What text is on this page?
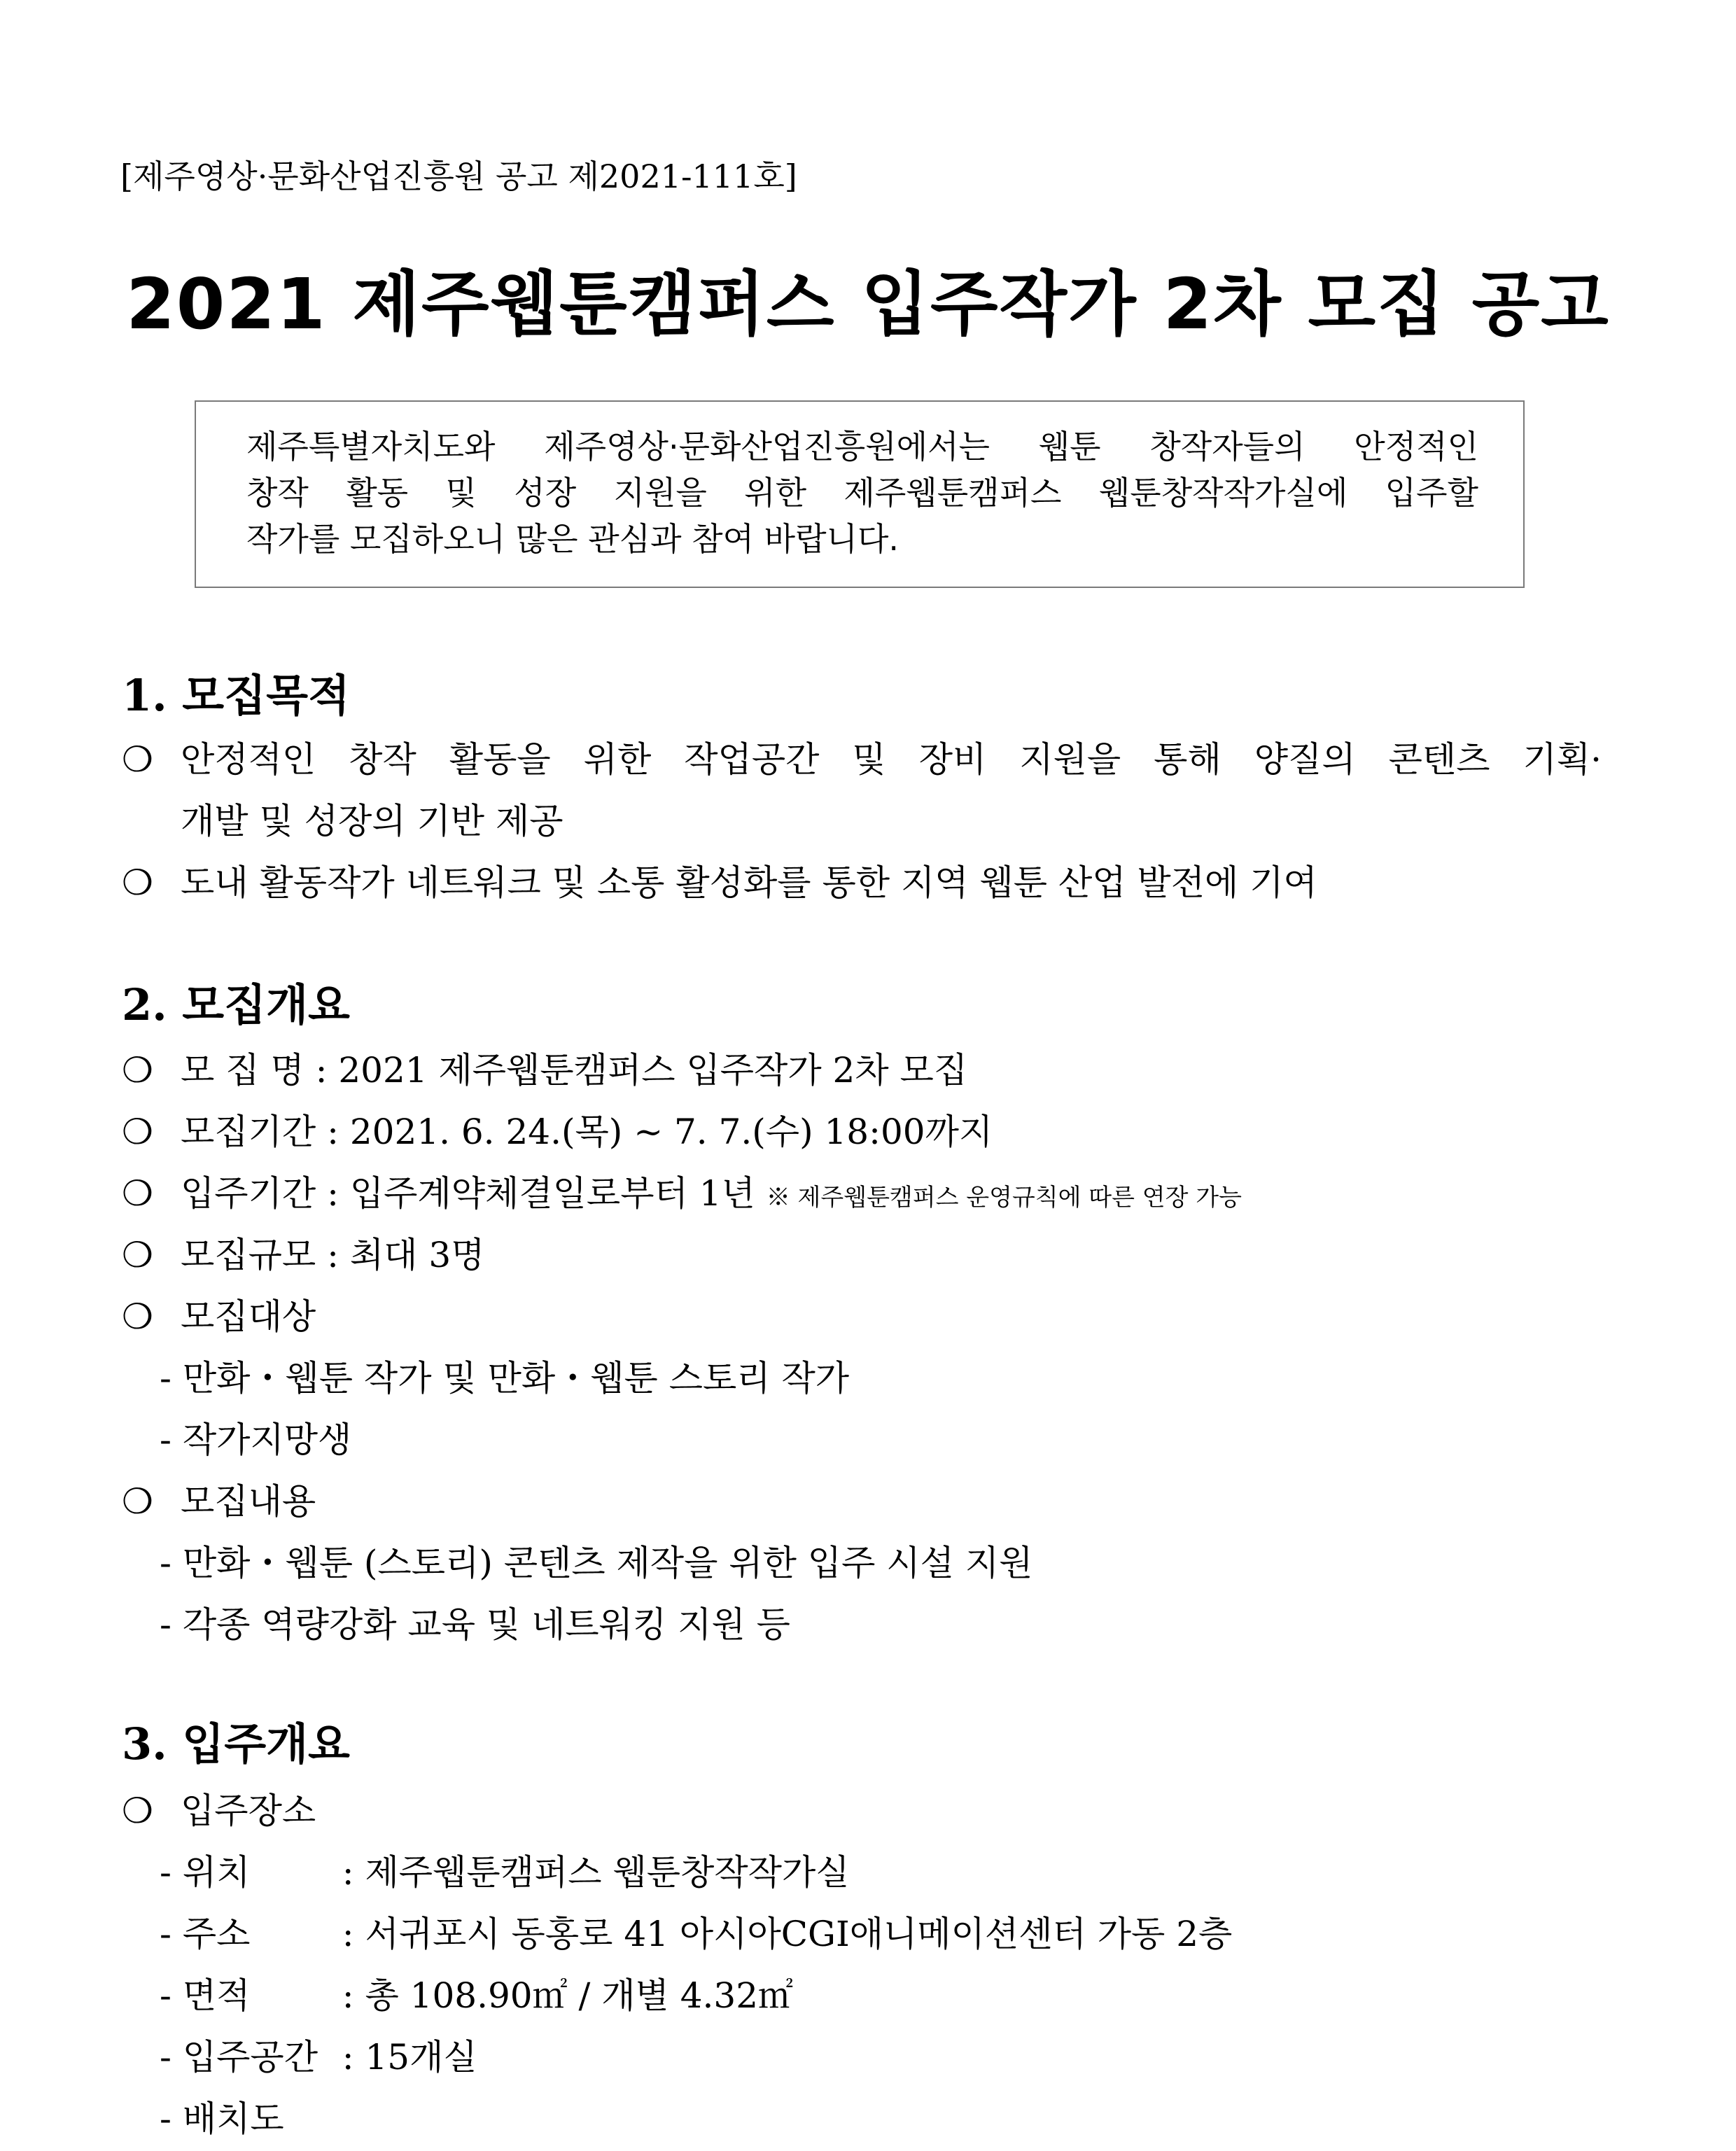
[제주영상·문화산업진흥원 공고 제2021-111호]
2021 제주웹툰캠퍼스 입주작가 2차 모집 공고
제주특별자치도와 제주영상·문화산업진흥원에서는 웹툰 창작자들의 안정적인
창작 활동 및 성장 지원을 위한 제주웹툰캠퍼스 웹툰창작작가실에 입주할
작가를 모집하오니 많은 관심과 참여 바랍니다.
1. 모집목적
❍ 안정적인 창작 활동을 위한 작업공간 및 장비 지원을 통해 양질의 콘텐츠 기획·
개발 및 성장의 기반 제공
❍ 도내 활동작가 네트워크 및 소통 활성화를 통한 지역 웹툰 산업 발전에 기여
2. 모집개요
❍ 모 집 명 : 2021 제주웹툰캠퍼스 입주작가 2차 모집
❍ 모집기간 : 2021. 6. 24.(목) ~ 7. 7.(수) 18:00까지
❍ 입주기간 : 입주계약체결일로부터 1년 ※ 제주웹툰캠퍼스 운영규칙에 따른 연장 가능
❍ 모집규모 : 최대 3명
❍ 모집대상
- 만화・웹툰 작가 및 만화・웹툰 스토리 작가
- 작가지망생
❍ 모집내용
- 만화・웹툰 (스토리) 콘텐츠 제작을 위한 입주 시설 지원
- 각종 역량강화 교육 및 네트워킹 지원 등
3. 입주개요
❍ 입주장소
- 위치	: 제주웹툰캠퍼스 웹툰창작작가실
- 주소	: 서귀포시 동홍로 41 아시아CGI애니메이션센터 가동 2층
- 면적	: 총 108.90㎡ / 개별 4.32㎡
- 입주공간 : 15개실
- 배치도
